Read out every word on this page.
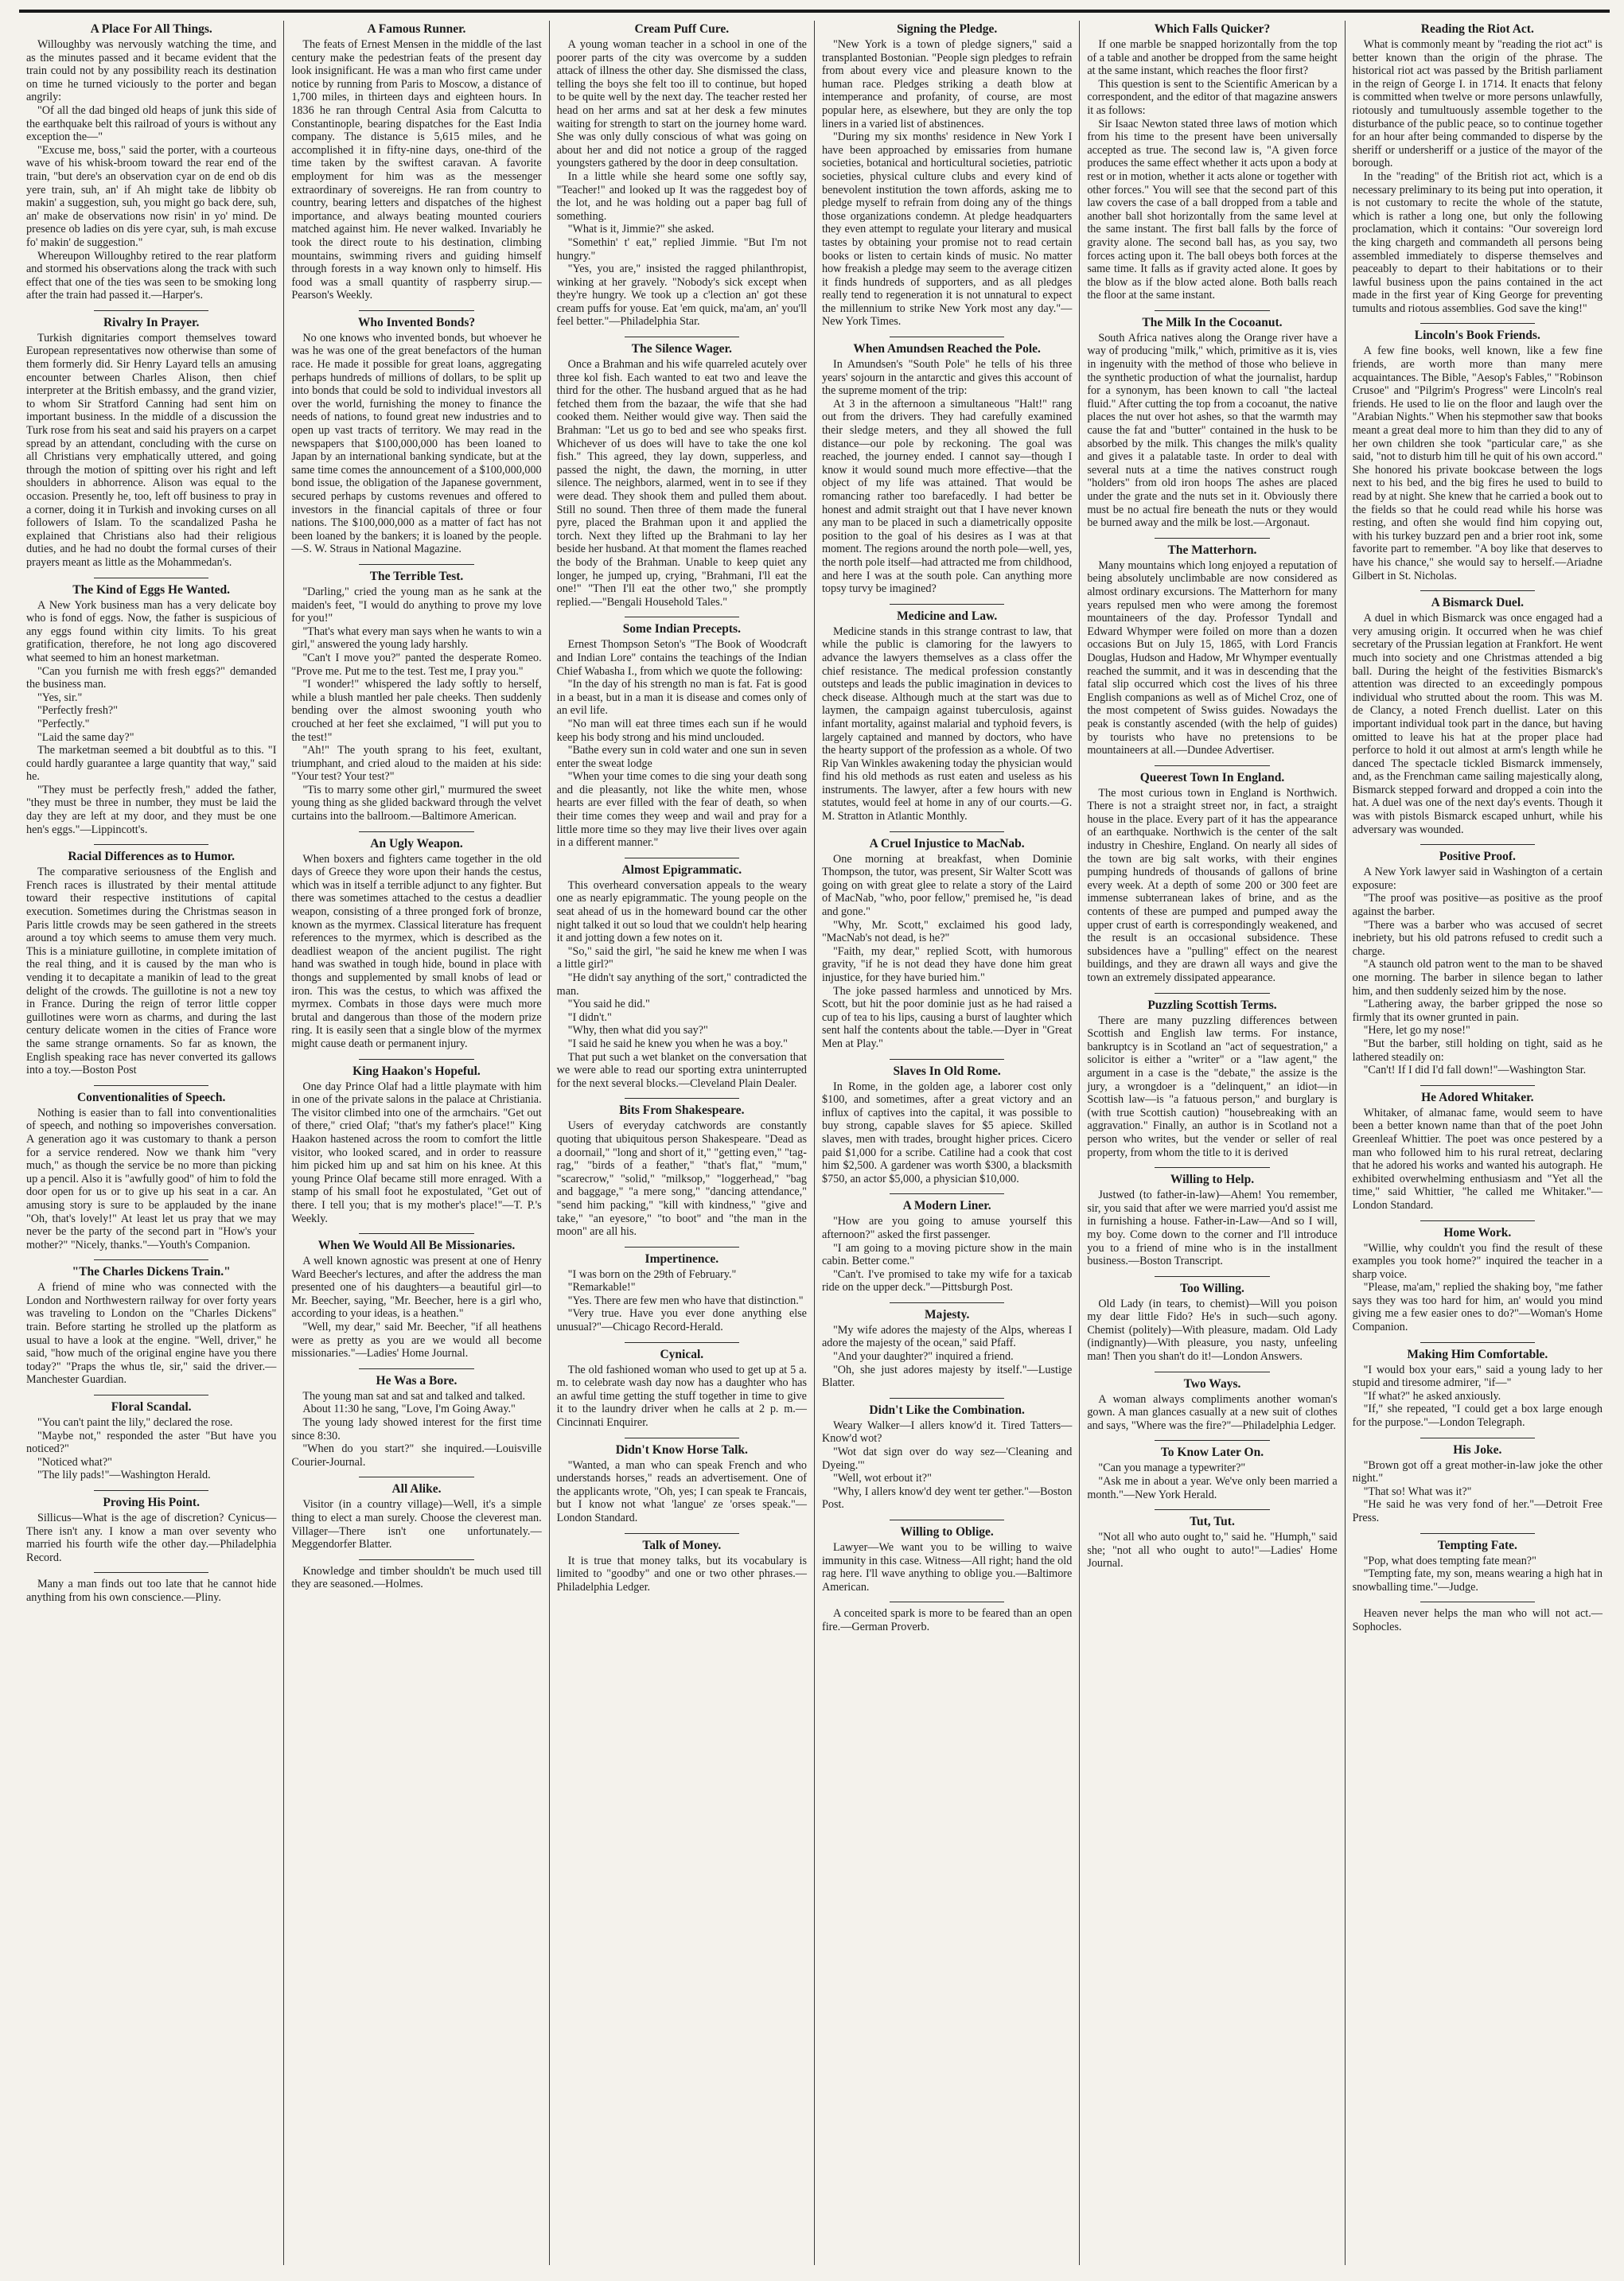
A Place For All Things.

Willoughby was nervously watching the time, and as the minutes passed and it became evident that the train could not by any possibility reach its destination on time he turned viciously to the porter and began angrily:

"Of all the dad binged old heaps of junk this side of the earthquake belt this railroad of yours is without any exception the—"

"Excuse me, boss," said the porter, with a courteous wave of his whisk-broom toward the rear end of the train, "but dere's an observation cyar on de end ob dis yere train, suh, an' if Ah might take de libbity ob makin' a suggestion, suh, you might go back dere, suh, an' make de observations now risin' in yo' mind. De presence ob ladies on dis yere cyar, suh, is mah excuse fo' makin' de suggestion."

Whereupon Willoughby retired to the rear platform and stormed his observations along the track with such effect that one of the ties was seen to be smoking long after the train had passed it.—Harper's.

Rivalry In Prayer.

Turkish dignitaries comport themselves toward European representatives now otherwise than some of them formerly did. Sir Henry Layard tells an amusing encounter between Charles Alison, then chief interpreter at the British embassy, and the grand vizier, to whom Sir Stratford Canning had sent him on important business. In the middle of a discussion the Turk rose from his seat and said his prayers on a carpet spread by an attendant, concluding with the curse on all Christians very emphatically uttered, and going through the motion of spitting over his right and left shoulders in abhorrence. Alison was equal to the occasion. Presently he, too, left off business to pray in a corner, doing it in Turkish and invoking curses on all followers of Islam. To the scandalized Pasha he explained that Christians also had their religious duties, and he had no doubt the formal curses of their prayers meant as little as the Mohammedan's.

The Kind of Eggs He Wanted.

A New York business man has a very delicate boy who is fond of eggs. Now, the father is suspicious of any eggs found within city limits. To his great gratification, therefore, he not long ago discovered what seemed to him an honest marketman.

"Can you furnish me with fresh eggs?" demanded the business man.

"Yes, sir."

"Perfectly fresh?"

"Perfectly."

"Laid the same day?"

The marketman seemed a bit doubtful as to this. "I could hardly guarantee a large quantity that way," said he.

"They must be perfectly fresh," added the father, "they must be three in number, they must be laid the day they are left at my door, and they must be one hen's eggs."—Lippincott's.

Racial Differences as to Humor.

The comparative seriousness of the English and French races is illustrated by their mental attitude toward their respective institutions of capital execution. Sometimes during the Christmas season in Paris little crowds may be seen gathered in the streets around a toy which seems to amuse them very much. This is a miniature guillotine, in complete imitation of the real thing, and it is caused by the man who is vending it to decapitate a manikin of lead to the great delight of the crowds. The guillotine is not a new toy in France. During the reign of terror little copper guillotines were worn as charms, and during the last century delicate women in the cities of France wore the same strange ornaments. So far as known, the English speaking race has never converted its gallows into a toy.—Boston Post

Conventionalities of Speech.

Nothing is easier than to fall into conventionalities of speech, and nothing so impoverishes conversation. A generation ago it was customary to thank a person for a service rendered. Now we thank him "very much," as though the service be no more than picking up a pencil. Also it is "awfully good" of him to fold the door open for us or to give up his seat in a car. An amusing story is sure to be applauded by the inane "Oh, that's lovely!" At least let us pray that we may never be the party of the second part in "How's your mother?" "Nicely, thanks."—Youth's Companion.

"The Charles Dickens Train."

A friend of mine who was connected with the London and Northwestern railway for over forty years was traveling to London on the "Charles Dickens" train. Before starting he strolled up the platform as usual to have a look at the engine. "Well, driver," he said, "how much of the original engine have you there today?" "Praps the whus tle, sir," said the driver.—Manchester Guardian.

Floral Scandal.

"You can't paint the lily," declared the rose.

"Maybe not," responded the aster "But have you noticed?"

"Noticed what?"

"The lily pads!"—Washington Herald.

Proving His Point.

Sillicus—What is the age of discretion? Cynicus—There isn't any. I know a man over seventy who married his fourth wife the other day.—Philadelphia Record.

Many a man finds out too late that he cannot hide anything from his own conscience.—Pliny.

A Famous Runner.

The feats of Ernest Mensen in the middle of the last century make the pedestrian feats of the present day look insignificant. He was a man who first came under notice by running from Paris to Moscow, a distance of 1,700 miles, in thirteen days and eighteen hours. In 1836 he ran through Central Asia from Calcutta to Constantinople, bearing dispatches for the East India company. The distance is 5,615 miles, and he accomplished it in fifty-nine days, one-third of the time taken by the swiftest caravan. A favorite employment for him was as the messenger extraordinary of sovereigns. He ran from country to country, bearing letters and dispatches of the highest importance, and always beating mounted couriers matched against him. He never walked. Invariably he took the direct route to his destination, climbing mountains, swimming rivers and guiding himself through forests in a way known only to himself. His food was a small quantity of raspberry sirup.—Pearson's Weekly.

Who Invented Bonds?

No one knows who invented bonds, but whoever he was he was one of the great benefactors of the human race. He made it possible for great loans, aggregating perhaps hundreds of millions of dollars, to be split up into bonds that could be sold to individual investors all over the world, furnishing the money to finance the needs of nations, to found great new industries and to open up vast tracts of territory. We may read in the newspapers that $100,000,000 has been loaned to Japan by an international banking syndicate, but at the same time comes the announcement of a $100,000,000 bond issue, the obligation of the Japanese government, secured perhaps by customs revenues and offered to investors in the financial capitals of three or four nations. The $100,000,000 as a matter of fact has not been loaned by the bankers; it is loaned by the people.—S. W. Straus in National Magazine.

The Terrible Test.

"Darling," cried the young man as he sank at the maiden's feet, "I would do anything to prove my love for you!"

"That's what every man says when he wants to win a girl," answered the young lady harshly.

"Can't I move you?" panted the desperate Romeo. "Prove me. Put me to the test. Test me, I pray you."

"I wonder!" whispered the lady softly to herself, while a blush mantled her pale cheeks. Then suddenly bending over the almost swooning youth who crouched at her feet she exclaimed, "I will put you to the test!"

"Ah!" The youth sprang to his feet, exultant, triumphant, and cried aloud to the maiden at his side: "Your test? Your test?"

"Tis to marry some other girl," murmured the sweet young thing as she glided backward through the velvet curtains into the ballroom.—Baltimore American.

An Ugly Weapon.

When boxers and fighters came together in the old days of Greece they wore upon their hands the cestus, which was in itself a terrible adjunct to any fighter. But there was sometimes attached to the cestus a deadlier weapon, consisting of a three pronged fork of bronze, known as the myrmex. Classical literature has frequent references to the myrmex, which is described as the deadliest weapon of the ancient pugilist. The right hand was swathed in tough hide, bound in place with thongs and supplemented by small knobs of lead or iron. This was the cestus, to which was affixed the myrmex. Combats in those days were much more brutal and dangerous than those of the modern prize ring. It is easily seen that a single blow of the myrmex might cause death or permanent injury.

King Haakon's Hopeful.

One day Prince Olaf had a little playmate with him in one of the private salons in the palace at Christiania. The visitor climbed into one of the armchairs. "Get out of there," cried Olaf; "that's my father's place!" King Haakon hastened across the room to comfort the little visitor, who looked scared, and in order to reassure him picked him up and sat him on his knee. At this young Prince Olaf became still more enraged. With a stamp of his small foot he expostulated, "Get out of there. I tell you; that is my mother's place!"—T. P.'s Weekly.

When We Would All Be Missionaries.

A well known agnostic was present at one of Henry Ward Beecher's lectures, and after the address the man presented one of his daughters—a beautiful girl—to Mr. Beecher, saying, "Mr. Beecher, here is a girl who, according to your ideas, is a heathen."

"Well, my dear," said Mr. Beecher, "if all heathens were as pretty as you are we would all become missionaries."—Ladies' Home Journal.

He Was a Bore.

The young man sat and sat and talked and talked.

About 11:30 he sang, "Love, I'm Going Away."

The young lady showed interest for the first time since 8:30.

"When do you start?" she inquired.—Louisville Courier-Journal.

All Alike.

Visitor (in a country village)—Well, it's a simple thing to elect a man surely. Choose the cleverest man. Villager—There isn't one unfortunately.—Meggendorfer Blatter.

Knowledge and timber shouldn't be much used till they are seasoned.—Holmes.

Cream Puff Cure.

A young woman teacher in a school in one of the poorer parts of the city was overcome by a sudden attack of illness the other day. She dismissed the class, telling the boys she felt too ill to continue, but hoped to be quite well by the next day. The teacher rested her head on her arms and sat at her desk a few minutes waiting for strength to start on the journey home ward. She was only dully conscious of what was going on about her and did not notice a group of the ragged youngsters gathered by the door in deep consultation.

In a little while she heard some one softly say, "Teacher!" and looked up It was the raggedest boy of the lot, and he was holding out a paper bag full of something.

"What is it, Jimmie?" she asked.

"Somethin' t' eat," replied Jimmie. "But I'm not hungry."

"Yes, you are," insisted the ragged philanthropist, winking at her gravely. "Nobody's sick except when they're hungry. We took up a c'lection an' got these cream puffs for youse. Eat 'em quick, ma'am, an' you'll feel better."—Philadelphia Star.

The Silence Wager.

Once a Brahman and his wife quarreled acutely over three kol fish. Each wanted to eat two and leave the third for the other. The husband argued that as he had fetched them from the bazaar, the wife that she had cooked them. Neither would give way. Then said the Brahman: "Let us go to bed and see who speaks first. Whichever of us does will have to take the one kol fish." This agreed, they lay down, supperless, and passed the night, the dawn, the morning, in utter silence. The neighbors, alarmed, went in to see if they were dead. They shook them and pulled them about. Still no sound. Then three of them made the funeral pyre, placed the Brahman upon it and applied the torch. Next they lifted up the Brahmani to lay her beside her husband. At that moment the flames reached the body of the Brahman. Unable to keep quiet any longer, he jumped up, crying, "Brahmani, I'll eat the one!" "Then I'll eat the other two," she promptly replied.—"Bengali Household Tales."

Some Indian Precepts.

Ernest Thompson Seton's "The Book of Woodcraft and Indian Lore" contains the teachings of the Indian Chief Wabasha I., from which we quote the following:

"In the day of his strength no man is fat. Fat is good in a beast, but in a man it is disease and comes only of an evil life.

"No man will eat three times each sun if he would keep his body strong and his mind unclouded.

"Bathe every sun in cold water and one sun in seven enter the sweat lodge

"When your time comes to die sing your death song and die pleasantly, not like the white men, whose hearts are ever filled with the fear of death, so when their time comes they weep and wail and pray for a little more time so they may live their lives over again in a different manner."

Almost Epigrammatic.

This overheard conversation appeals to the weary one as nearly epigrammatic. The young people on the seat ahead of us in the homeward bound car the other night talked it out so loud that we couldn't help hearing it and jotting down a few notes on it.

"So," said the girl, "he said he knew me when I was a little girl?"

"He didn't say anything of the sort," contradicted the man.

"You said he did."

"I didn't."

"Why, then what did you say?"

"I said he said he knew you when he was a boy."

That put such a wet blanket on the conversation that we were able to read our sporting extra uninterrupted for the next several blocks.—Cleveland Plain Dealer.

Bits From Shakespeare.

Users of everyday catchwords are constantly quoting that ubiquitous person Shakespeare. "Dead as a doornail," "long and short of it," "getting even," "tag-rag," "birds of a feather," "that's flat," "mum," "scarecrow," "solid," "milksop," "loggerhead," "bag and baggage," "a mere song," "dancing attendance," "send him packing," "kill with kindness," "give and take," "an eyesore," "to boot" and "the man in the moon" are all his.

Impertinence.

"I was born on the 29th of February."

"Remarkable!"

"Yes. There are few men who have that distinction."

"Very true. Have you ever done anything else unusual?"—Chicago Record-Herald.

Cynical.

The old fashioned woman who used to get up at 5 a. m. to celebrate wash day now has a daughter who has an awful time getting the stuff together in time to give it to the laundry driver when he calls at 2 p. m.—Cincinnati Enquirer.

Didn't Know Horse Talk.

"Wanted, a man who can speak French and who understands horses," reads an advertisement. One of the applicants wrote, "Oh, yes; I can speak te Francais, but I know not what 'langue' ze 'orses speak."—London Standard.

Talk of Money.

It is true that money talks, but its vocabulary is limited to "goodby" and one or two other phrases.—Philadelphia Ledger.

Signing the Pledge.

"New York is a town of pledge signers," said a transplanted Bostonian. "People sign pledges to refrain from about every vice and pleasure known to the human race. Pledges striking a death blow at intemperance and profanity, of course, are most popular here, as elsewhere, but they are only the top liners in a varied list of abstinences.

"During my six months' residence in New York I have been approached by emissaries from humane societies, botanical and horticultural societies, patriotic societies, physical culture clubs and every kind of benevolent institution the town affords, asking me to pledge myself to refrain from doing any of the things those organizations condemn. At pledge headquarters they even attempt to regulate your literary and musical tastes by obtaining your promise not to read certain books or listen to certain kinds of music. No matter how freakish a pledge may seem to the average citizen it finds hundreds of supporters, and as all pledges really tend to regeneration it is not unnatural to expect the millennium to strike New York most any day."—New York Times.

When Amundsen Reached the Pole.

In Amundsen's "South Pole" he tells of his three years' sojourn in the antarctic and gives this account of the supreme moment of the trip:

At 3 in the afternoon a simultaneous "Halt!" rang out from the drivers. They had carefully examined their sledge meters, and they all showed the full distance—our pole by reckoning. The goal was reached, the journey ended. I cannot say—though I know it would sound much more effective—that the object of my life was attained. That would be romancing rather too barefacedly. I had better be honest and admit straight out that I have never known any man to be placed in such a diametrically opposite position to the goal of his desires as I was at that moment. The regions around the north pole—well, yes, the north pole itself—had attracted me from childhood, and here I was at the south pole. Can anything more topsy turvy be imagined?

Medicine and Law.

Medicine stands in this strange contrast to law, that while the public is clamoring for the lawyers to advance the lawyers themselves as a class offer the chief resistance. The medical profession constantly outsteps and leads the public imagination in devices to check disease. Although much at the start was due to laymen, the campaign against tuberculosis, against infant mortality, against malarial and typhoid fevers, is largely captained and manned by doctors, who have the hearty support of the profession as a whole. Of two Rip Van Winkles awakening today the physician would find his old methods as rust eaten and useless as his instruments. The lawyer, after a few hours with new statutes, would feel at home in any of our courts.—G. M. Stratton in Atlantic Monthly.

A Cruel Injustice to MacNab.

One morning at breakfast, when Dominie Thompson, the tutor, was present, Sir Walter Scott was going on with great glee to relate a story of the Laird of MacNab, "who, poor fellow," premised he, "is dead and gone."

"Why, Mr. Scott," exclaimed his good lady, "MacNab's not dead, is he?"

"Faith, my dear," replied Scott, with humorous gravity, "if he is not dead they have done him great injustice, for they have buried him."

The joke passed harmless and unnoticed by Mrs. Scott, but hit the poor dominie just as he had raised a cup of tea to his lips, causing a burst of laughter which sent half the contents about the table.—Dyer in "Great Men at Play."

Slaves In Old Rome.

In Rome, in the golden age, a laborer cost only $100, and sometimes, after a great victory and an influx of captives into the capital, it was possible to buy strong, capable slaves for $5 apiece. Skilled slaves, men with trades, brought higher prices. Cicero paid $1,000 for a scribe. Catiline had a cook that cost him $2,500. A gardener was worth $300, a blacksmith $750, an actor $5,000, a physician $10,000.

A Modern Liner.

"How are you going to amuse yourself this afternoon?" asked the first passenger.

"I am going to a moving picture show in the main cabin. Better come."

"Can't. I've promised to take my wife for a taxicab ride on the upper deck."—Pittsburgh Post.

Majesty.

"My wife adores the majesty of the Alps, whereas I adore the majesty of the ocean," said Pfaff.

"And your daughter?" inquired a friend.

"Oh, she just adores majesty by itself."—Lustige Blatter.

Didn't Like the Combination.

Weary Walker—I allers know'd it. Tired Tatters—Know'd wot?

"Wot dat sign over do way sez—'Cleaning and Dyeing.'"

"Well, wot erbout it?"

"Why, I allers know'd dey went ter gether."—Boston Post.

Willing to Oblige.

Lawyer—We want you to be willing to waive immunity in this case. Witness—All right; hand the old rag here. I'll wave anything to oblige you.—Baltimore American.

A conceited spark is more to be feared than an open fire.—German Proverb.

Which Falls Quicker?

If one marble be snapped horizontally from the top of a table and another be dropped from the same height at the same instant, which reaches the floor first?

This question is sent to the Scientific American by a correspondent, and the editor of that magazine answers it as follows:

Sir Isaac Newton stated three laws of motion which from his time to the present have been universally accepted as true. The second law is, "A given force produces the same effect whether it acts upon a body at rest or in motion, whether it acts alone or together with other forces." You will see that the second part of this law covers the case of a ball dropped from a table and another ball shot horizontally from the same level at the same instant. The first ball falls by the force of gravity alone. The second ball has, as you say, two forces acting upon it. The ball obeys both forces at the same time. It falls as if gravity acted alone. It goes by the blow as if the blow acted alone. Both balls reach the floor at the same instant.

The Milk In the Cocoanut.

South Africa natives along the Orange river have a way of producing "milk," which, primitive as it is, vies in ingenuity with the method of those who believe in the synthetic production of what the journalist, hardup for a synonym, has been known to call "the lacteal fluid." After cutting the top from a cocoanut, the native places the nut over hot ashes, so that the warmth may cause the fat and "butter" contained in the husk to be absorbed by the milk. This changes the milk's quality and gives it a palatable taste. In order to deal with several nuts at a time the natives construct rough "holders" from old iron hoops The ashes are placed under the grate and the nuts set in it. Obviously there must be no actual fire beneath the nuts or they would be burned away and the milk be lost.—Argonaut.

The Matterhorn.

Many mountains which long enjoyed a reputation of being absolutely unclimbable are now considered as almost ordinary excursions. The Matterhorn for many years repulsed men who were among the foremost mountaineers of the day. Professor Tyndall and Edward Whymper were foiled on more than a dozen occasions But on July 15, 1865, with Lord Francis Douglas, Hudson and Hadow, Mr Whymper eventually reached the summit, and it was in descending that the fatal slip occurred which cost the lives of his three English companions as well as of Michel Croz, one of the most competent of Swiss guides. Nowadays the peak is constantly ascended (with the help of guides) by tourists who have no pretensions to be mountaineers at all.—Dundee Advertiser.

Queerest Town In England.

The most curious town in England is Northwich. There is not a straight street nor, in fact, a straight house in the place. Every part of it has the appearance of an earthquake. Northwich is the center of the salt industry in Cheshire, England. On nearly all sides of the town are big salt works, with their engines pumping hundreds of thousands of gallons of brine every week. At a depth of some 200 or 300 feet are immense subterranean lakes of brine, and as the contents of these are pumped and pumped away the upper crust of earth is correspondingly weakened, and the result is an occasional subsidence. These subsidences have a "pulling" effect on the nearest buildings, and they are drawn all ways and give the town an extremely dissipated appearance.

Puzzling Scottish Terms.

There are many puzzling differences between Scottish and English law terms. For instance, bankruptcy is in Scotland an "act of sequestration," a solicitor is either a "writer" or a "law agent," the argument in a case is the "debate," the assize is the jury, a wrongdoer is a "delinquent," an idiot—in Scottish law—is "a fatuous person," and burglary is (with true Scottish caution) "housebreaking with an aggravation." Finally, an author is in Scotland not a person who writes, but the vender or seller of real property, from whom the title to it is derived

Willing to Help.

Justwed (to father-in-law)—Ahem! You remember, sir, you said that after we were married you'd assist me in furnishing a house. Father-in-Law—And so I will, my boy. Come down to the corner and I'll introduce you to a friend of mine who is in the installment business.—Boston Transcript.

Too Willing.

Old Lady (in tears, to chemist)—Will you poison my dear little Fido? He's in such—such agony. Chemist (politely)—With pleasure, madam. Old Lady (indignantly)—With pleasure, you nasty, unfeeling man! Then you shan't do it!—London Answers.

Two Ways.

A woman always compliments another woman's gown. A man glances casually at a new suit of clothes and says, "Where was the fire?"—Philadelphia Ledger.

To Know Later On.

"Can you manage a typewriter?"

"Ask me in about a year. We've only been married a month."—New York Herald.

Tut, Tut.

"Not all who auto ought to," said he. "Humph," said she; "not all who ought to auto!"—Ladies' Home Journal.

Reading the Riot Act.

What is commonly meant by "reading the riot act" is better known than the origin of the phrase. The historical riot act was passed by the British parliament in the reign of George I. in 1714. It enacts that felony is committed when twelve or more persons unlawfully, riotously and tumultuously assemble together to the disturbance of the public peace, so to continue together for an hour after being commanded to disperse by the sheriff or undersheriff or a justice of the mayor of the borough.

In the "reading" of the British riot act, which is a necessary preliminary to its being put into operation, it is not customary to recite the whole of the statute, which is rather a long one, but only the following proclamation, which it contains: "Our sovereign lord the king chargeth and commandeth all persons being assembled immediately to disperse themselves and peaceably to depart to their habitations or to their lawful business upon the pains contained in the act made in the first year of King George for preventing tumults and riotous assemblies. God save the king!"

Lincoln's Book Friends.

A few fine books, well known, like a few fine friends, are worth more than many mere acquaintances. The Bible, "Aesop's Fables," "Robinson Crusoe" and "Pilgrim's Progress" were Lincoln's real friends. He used to lie on the floor and laugh over the "Arabian Nights." When his stepmother saw that books meant a great deal more to him than they did to any of her own children she took "particular care," as she said, "not to disturb him till he quit of his own accord." She honored his private bookcase between the logs next to his bed, and the big fires he used to build to read by at night. She knew that he carried a book out to the fields so that he could read while his horse was resting, and often she would find him copying out, with his turkey buzzard pen and a brier root ink, some favorite part to remember. "A boy like that deserves to have his chance," she would say to herself.—Ariadne Gilbert in St. Nicholas.

A Bismarck Duel.

A duel in which Bismarck was once engaged had a very amusing origin. It occurred when he was chief secretary of the Prussian legation at Frankfort. He went much into society and one Christmas attended a big ball. During the height of the festivities Bismarck's attention was directed to an exceedingly pompous individual who strutted about the room. This was M. de Clancy, a noted French duellist. Later on this important individual took part in the dance, but having omitted to leave his hat at the proper place had perforce to hold it out almost at arm's length while he danced The spectacle tickled Bismarck immensely, and, as the Frenchman came sailing majestically along, Bismarck stepped forward and dropped a coin into the hat. A duel was one of the next day's events. Though it was with pistols Bismarck escaped unhurt, while his adversary was wounded.

Positive Proof.

A New York lawyer said in Washington of a certain exposure:

"The proof was positive—as positive as the proof against the barber.

"There was a barber who was accused of secret inebriety, but his old patrons refused to credit such a charge.

"A staunch old patron went to the man to be shaved one morning. The barber in silence began to lather him, and then suddenly seized him by the nose.

"Lathering away, the barber gripped the nose so firmly that its owner grunted in pain.

"Here, let go my nose!"

"But the barber, still holding on tight, said as he lathered steadily on:

"Can't! If I did I'd fall down!"—Washington Star.

He Adored Whitaker.

Whitaker, of almanac fame, would seem to have been a better known name than that of the poet John Greenleaf Whittier. The poet was once pestered by a man who followed him to his rural retreat, declaring that he adored his works and wanted his autograph. He exhibited overwhelming enthusiasm and "Yet all the time," said Whittier, "he called me Whitaker."—London Standard.

Home Work.

"Willie, why couldn't you find the result of these examples you took home?" inquired the teacher in a sharp voice.

"Please, ma'am," replied the shaking boy, "me father says they was too hard for him, an' would you mind giving me a few easier ones to do?"—Woman's Home Companion.

Making Him Comfortable.

"I would box your ears," said a young lady to her stupid and tiresome admirer, "if—"

"If what?" he asked anxiously.

"If," she repeated, "I could get a box large enough for the purpose."—London Telegraph.

His Joke.

"Brown got off a great mother-in-law joke the other night."

"That so! What was it?"

"He said he was very fond of her."—Detroit Free Press.

Tempting Fate.

"Pop, what does tempting fate mean?"

"Tempting fate, my son, means wearing a high hat in snowballing time."—Judge.

Heaven never helps the man who will not act.—Sophocles.
